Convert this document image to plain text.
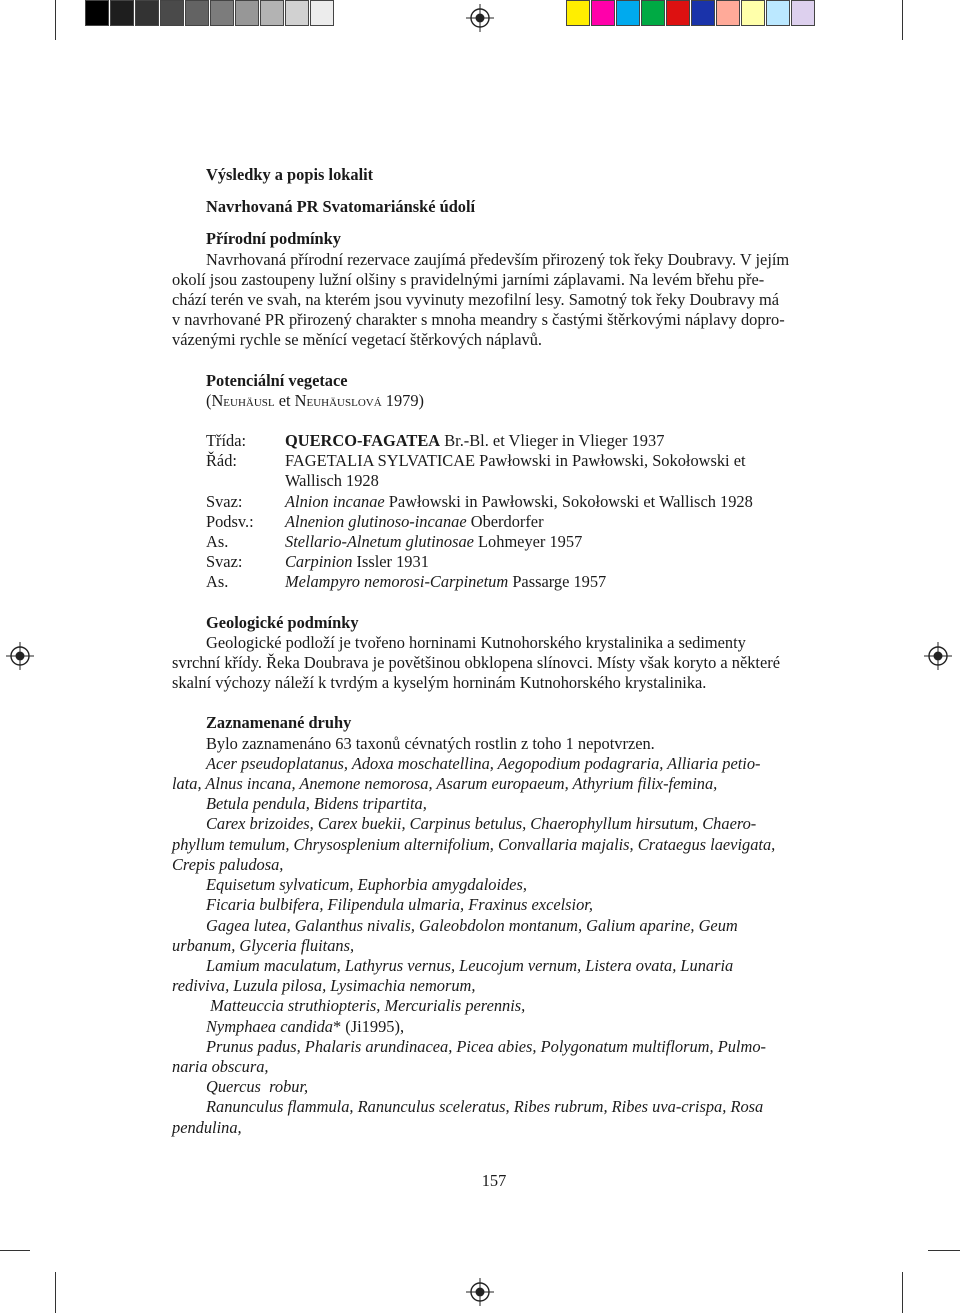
Výsledky a popis lokalit
Navrhovaná PR Svatomariánské údolí
Přírodní podmínky
Navrhovaná přírodní rezervace zaujímá především přirozený tok řeky Doubravy. V jejím
okolí jsou zastoupeny lužní olšiny s pravidelnými jarními záplavami. Na levém břehu pře-
chází terén ve svah, na kterém jsou vyvinuty mezofilní lesy. Samotný tok řeky Doubravy má
v navrhované PR přirozený charakter s mnoha meandry s častými štěrkovými náplavy dopro-
vázenými rychle se měnící vegetací štěrkových náplavů.
Potenciální vegetace
(Neuhäusl et Neuhäuslová 1979)
Třída:	QUERCO-FAGATEA Br.-Bl. et Vlieger in Vlieger 1937
Řád:	FAGETALIA SYLVATICAE Pawłowski in Pawłowski, Sokołowski et
Wallisch 1928
Svaz:	Alnion incanae Pawłowski in Pawłowski, Sokołowski et Wallisch 1928
Podsv.:	Alnenion glutinoso-incanae Oberdorfer
As.	Stellario-Alnetum glutinosae Lohmeyer 1957
Svaz:	Carpinion Issler 1931
As.	Melampyro nemorosi-Carpinetum Passarge 1957
Geologické podmínky
Geologické podloží je tvořeno horninami Kutnohorského krystalinika a sedimenty
svrchní křídy. Řeka Doubrava je povětšinou obklopena slínovci. Místy však koryto a některé
skalní výchozy náleží k tvrdým a kyselým horninám Kutnohorského krystalinika.
Zaznamenané druhy
Bylo zaznamenáno 63 taxonů cévnatých rostlin z toho 1 nepotvrzen.
Acer pseudoplatanus, Adoxa moschatellina, Aegopodium podagraria, Alliaria petio-
lata, Alnus incana, Anemone nemorosa, Asarum europaeum, Athyrium filix-femina,
Betula pendula, Bidens tripartita,
Carex brizoides, Carex buekii, Carpinus betulus, Chaerophyllum hirsutum, Chaero-
phyllum temulum, Chrysosplenium alternifolium, Convallaria majalis, Crataegus laevigata,
Crepis paludosa,
Equisetum sylvaticum, Euphorbia amygdaloides,
Ficaria bulbifera, Filipendula ulmaria, Fraxinus excelsior,
Gagea lutea, Galanthus nivalis, Galeobdolon montanum, Galium aparine, Geum
urbanum, Glyceria fluitans,
Lamium maculatum, Lathyrus vernus, Leucojum vernum, Listera ovata, Lunaria
rediviva, Luzula pilosa, Lysimachia nemorum,
Matteuccia struthiopteris, Mercurialis perennis,
Nymphaea candida* (Ji1995),
Prunus padus, Phalaris arundinacea, Picea abies, Polygonatum multiflorum, Pulmo-
naria obscura,
Quercus  robur,
Ranunculus flammula, Ranunculus sceleratus, Ribes rubrum, Ribes uva-crispa, Rosa
pendulina,
157
